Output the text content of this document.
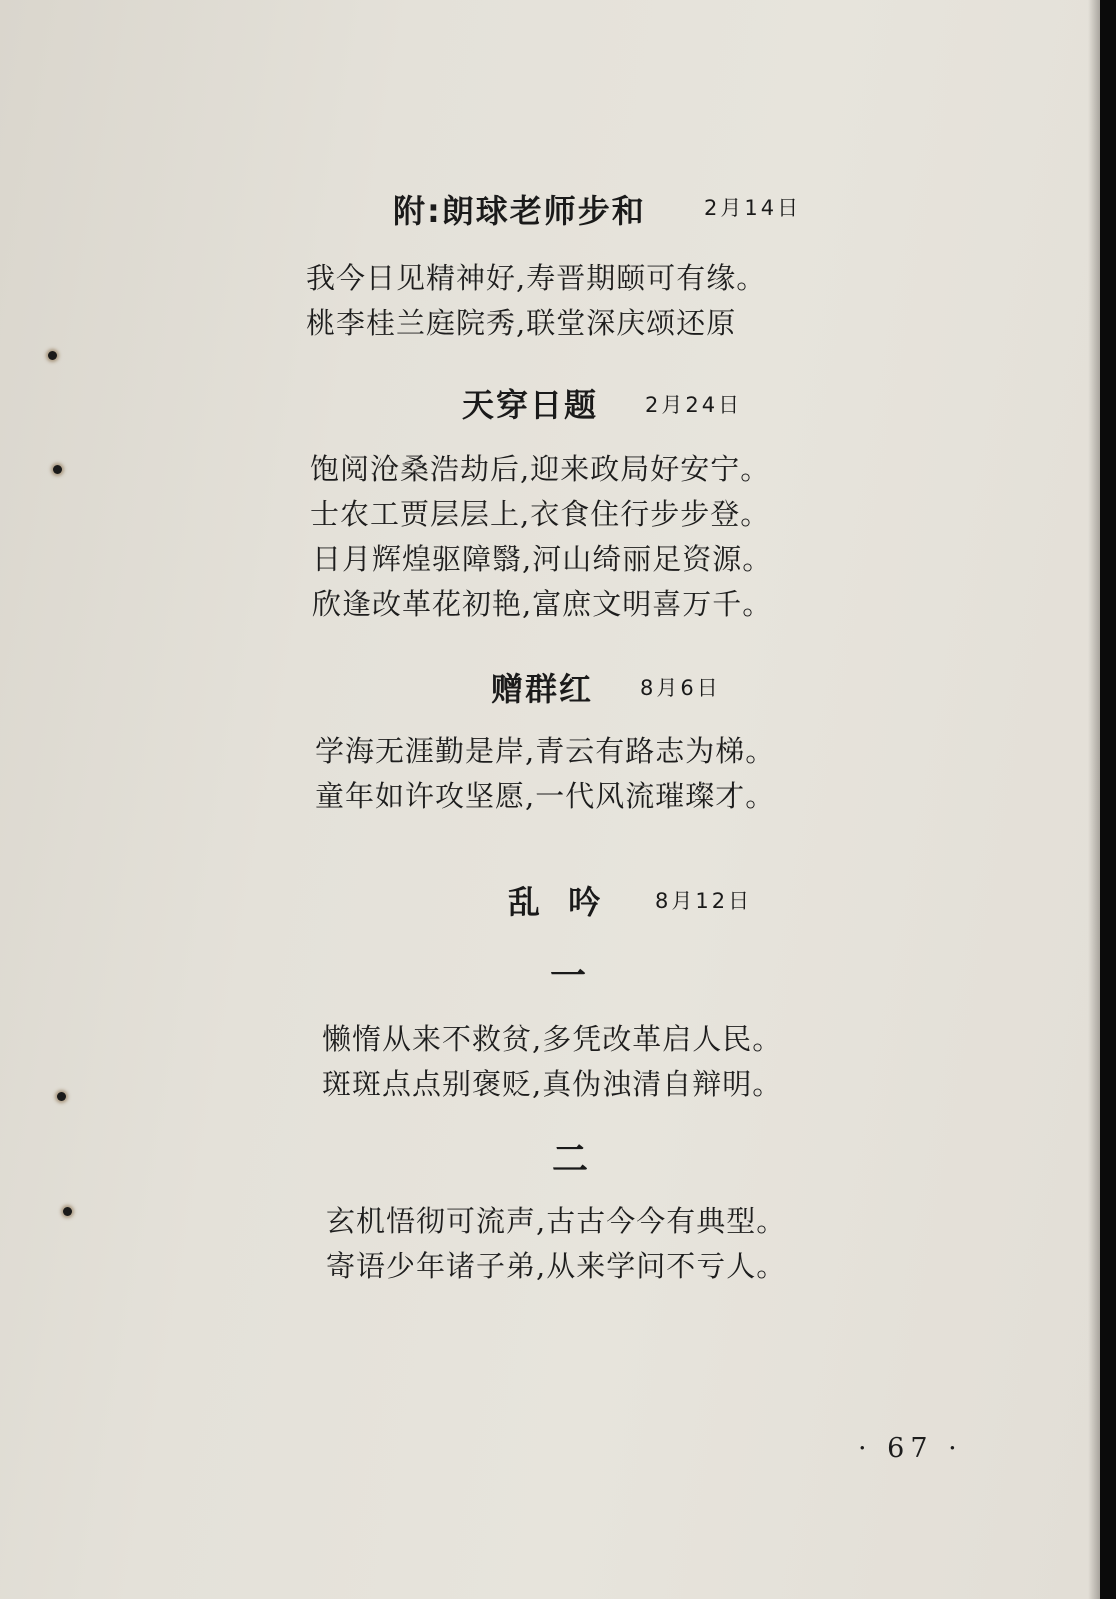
附:朗球老师步和	2月14日
我今日见精神好,寿晋期颐可有缘。
桃李桂兰庭院秀,联堂深庆颂还原
天穿日题 2月24日
饱阅沧桑浩劫后,迎来政局好安宁。
士农工贾层层上,衣食住行步步登。
日月辉煌驱障翳,河山绮丽足资源。
欣逢改革花初艳,富庶文明喜万千。
赠群红 8月6日
学海无涯勤是岸,青云有路志为梯。
童年如许攻坚愿,一代风流璀璨才。
乱  吟	8月12日
一
懒惰从来不救贫,多凭改革启人民。
斑斑点点别褒贬,真伪浊清自辩明。
二
玄机悟彻可流声,古古今今有典型。
寄语少年诸子弟,从来学问不亏人。
· 67 ·
